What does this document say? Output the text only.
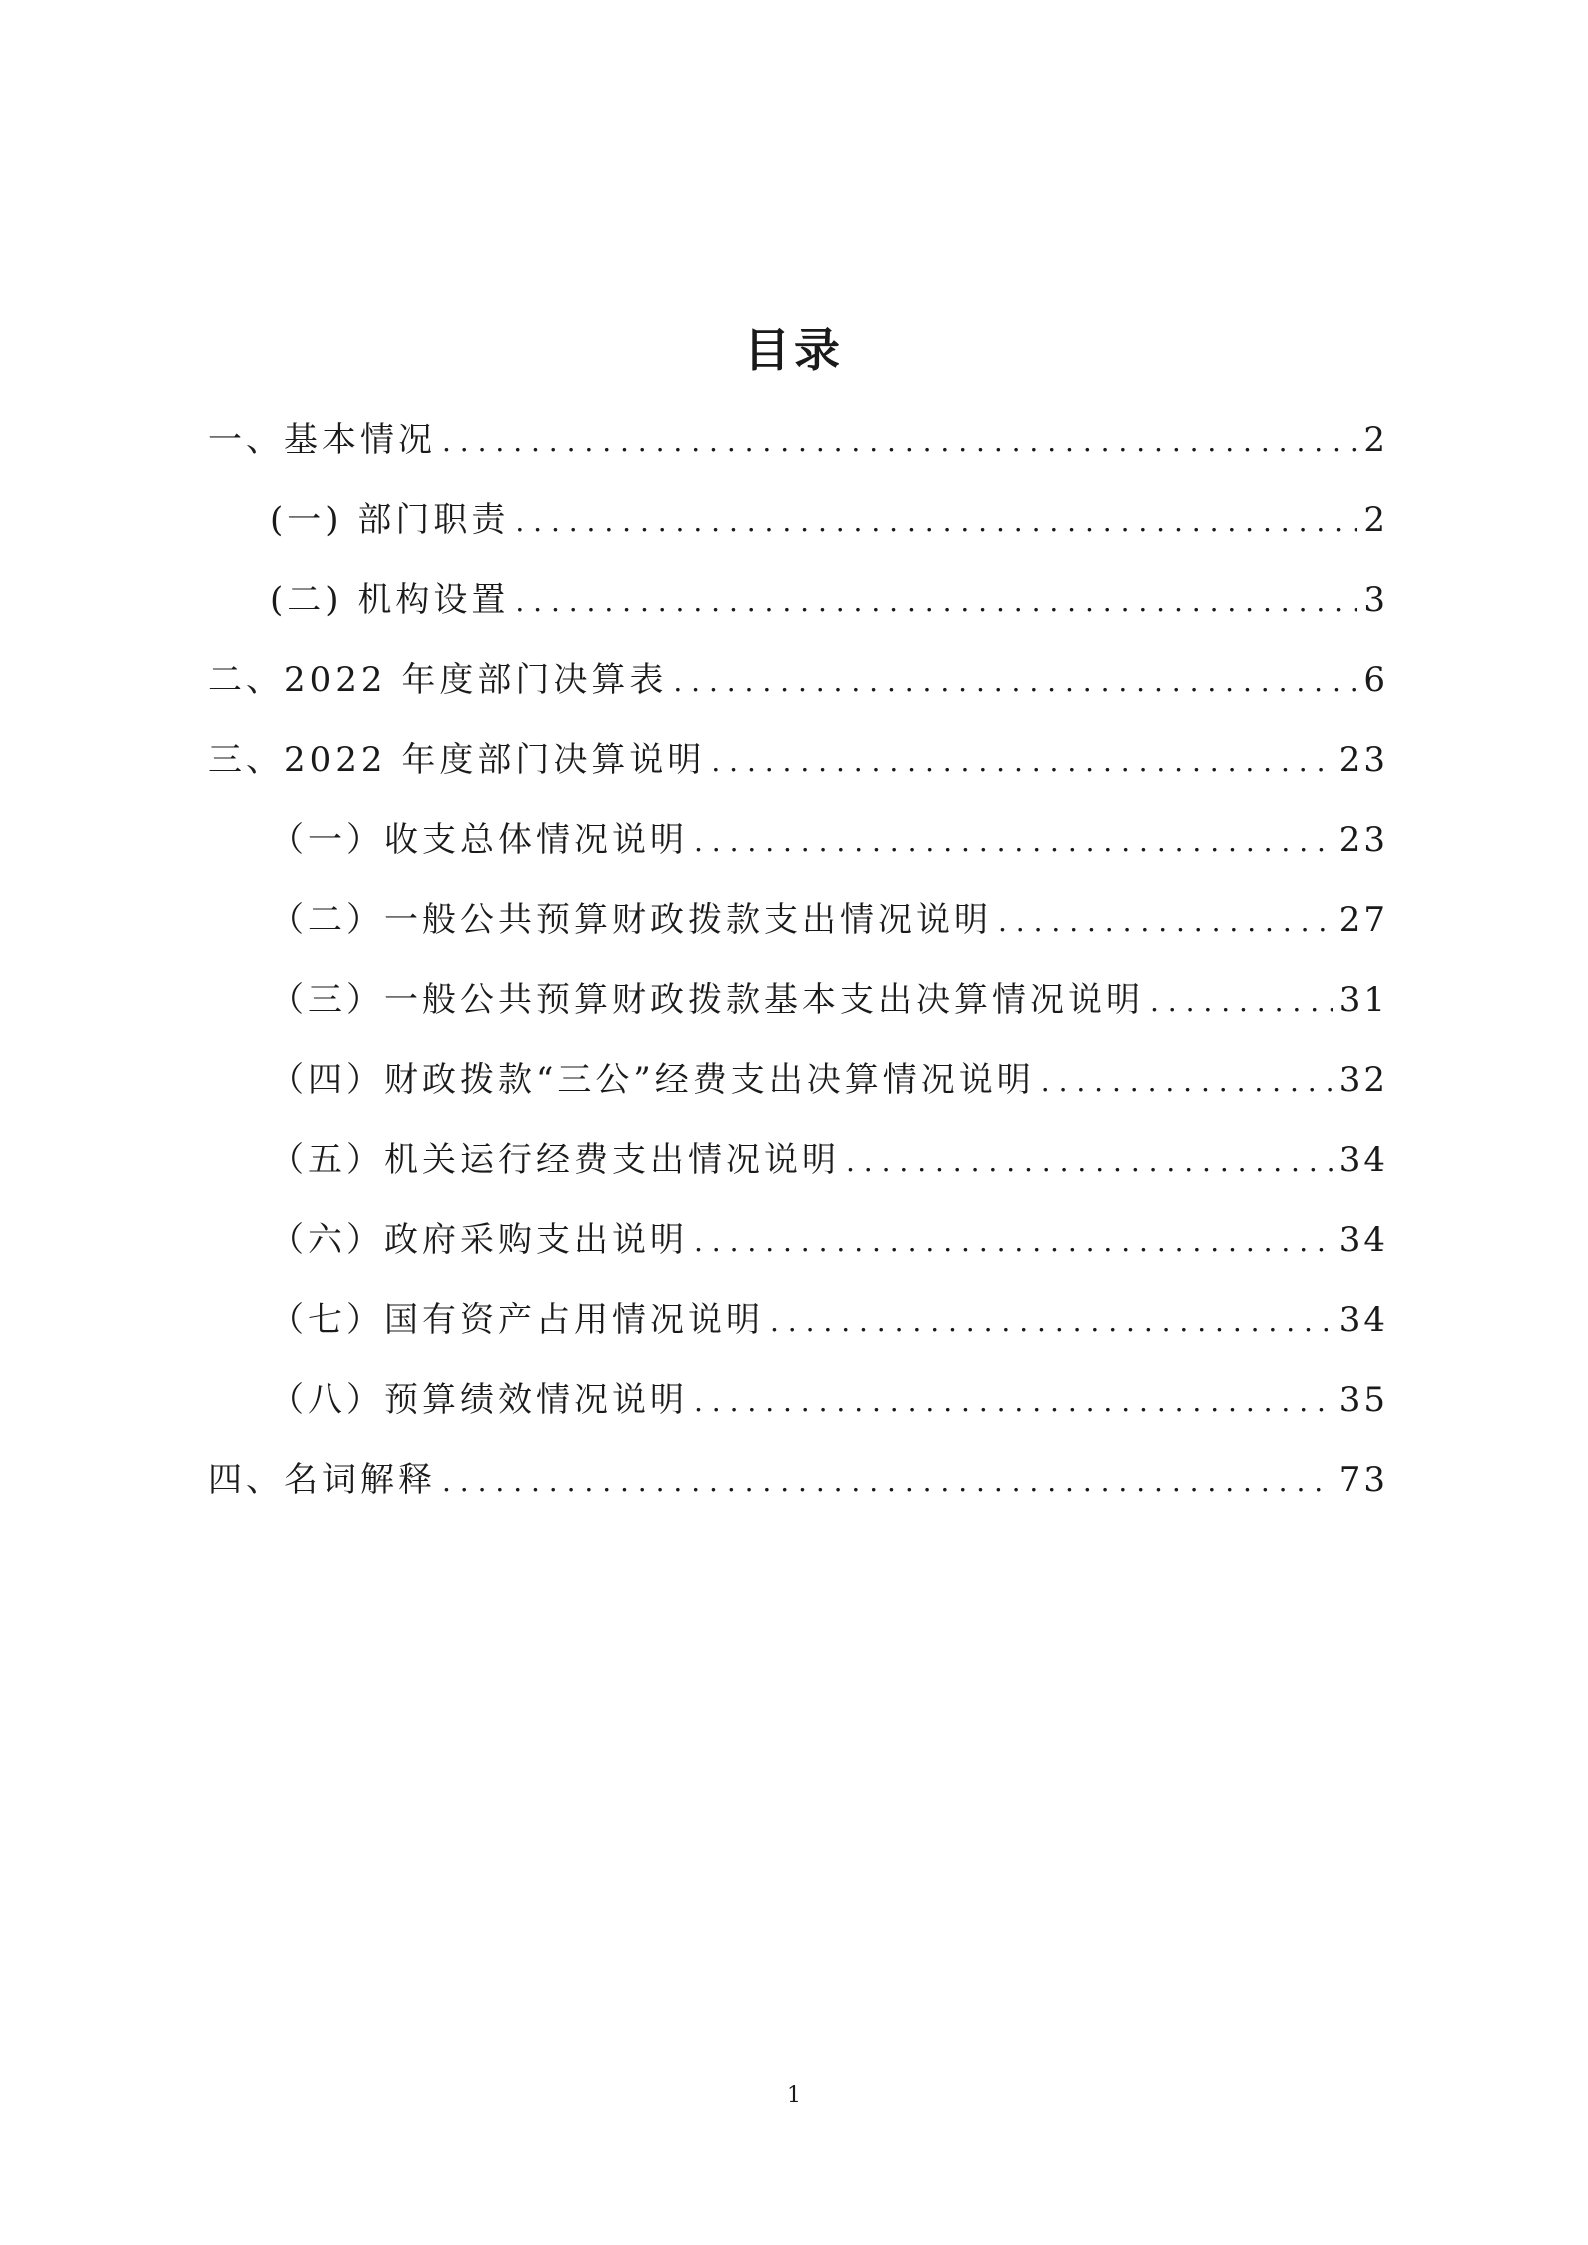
目录
一、基本情况 . . .	2
(一) 部门职责 . . .	2
(二) 机构设置 . . .	3
二、2022 年度部门决算表 . . .	6
三、2022 年度部门决算说明 . . .	23
（一）收支总体情况说明 . . .	23
（二）一般公共预算财政拨款支出情况说明 . . .	27
（三）一般公共预算财政拨款基本支出决算情况说明 . . .	31
（四）财政拨款“三公”经费支出决算情况说明 . . .	32
（五）机关运行经费支出情况说明 . . .	34
（六）政府采购支出说明 . . .	34
（七）国有资产占用情况说明 . . .	34
（八）预算绩效情况说明 . . .	35
四、名词解释 . . .	73
1
